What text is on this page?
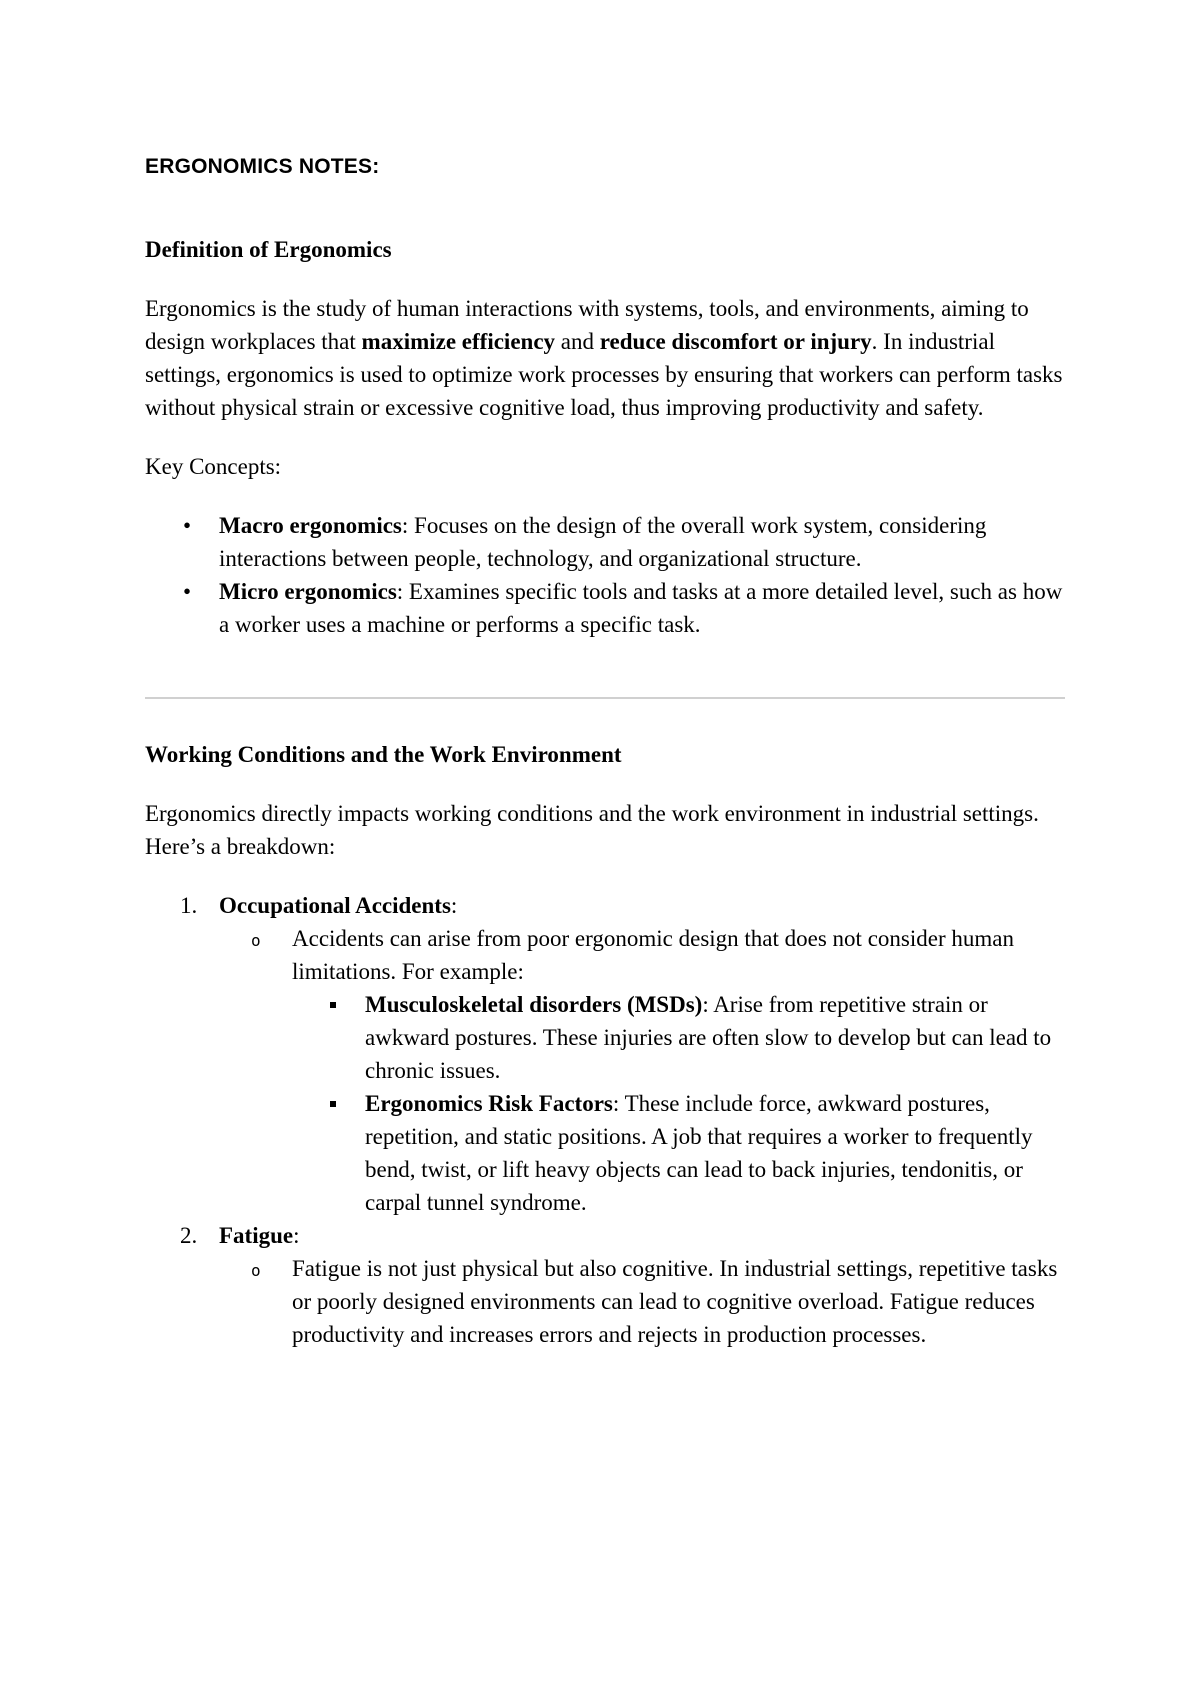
ERGONOMICS NOTES:
Definition of Ergonomics

Ergonomics is the study of human interactions with systems, tools, and environments, aiming to design workplaces that maximize efficiency and reduce discomfort or injury. In industrial settings, ergonomics is used to optimize work processes by ensuring that workers can perform tasks without physical strain or excessive cognitive load, thus improving productivity and safety.

Key Concepts:

• Macro ergonomics: Focuses on the design of the overall work system, considering interactions between people, technology, and organizational structure.
• Micro ergonomics: Examines specific tools and tasks at a more detailed level, such as how a worker uses a machine or performs a specific task.
Working Conditions and the Work Environment

Ergonomics directly impacts working conditions and the work environment in industrial settings. Here’s a breakdown:

1. Occupational Accidents:
o Accidents can arise from poor ergonomic design that does not consider human limitations. For example:
Musculoskeletal disorders (MSDs): Arise from repetitive strain or awkward postures. These injuries are often slow to develop but can lead to chronic issues.
Ergonomics Risk Factors: These include force, awkward postures, repetition, and static positions. A job that requires a worker to frequently bend, twist, or lift heavy objects can lead to back injuries, tendonitis, or carpal tunnel syndrome.
2. Fatigue:
o Fatigue is not just physical but also cognitive. In industrial settings, repetitive tasks or poorly designed environments can lead to cognitive overload. Fatigue reduces productivity and increases errors and rejects in production processes.
